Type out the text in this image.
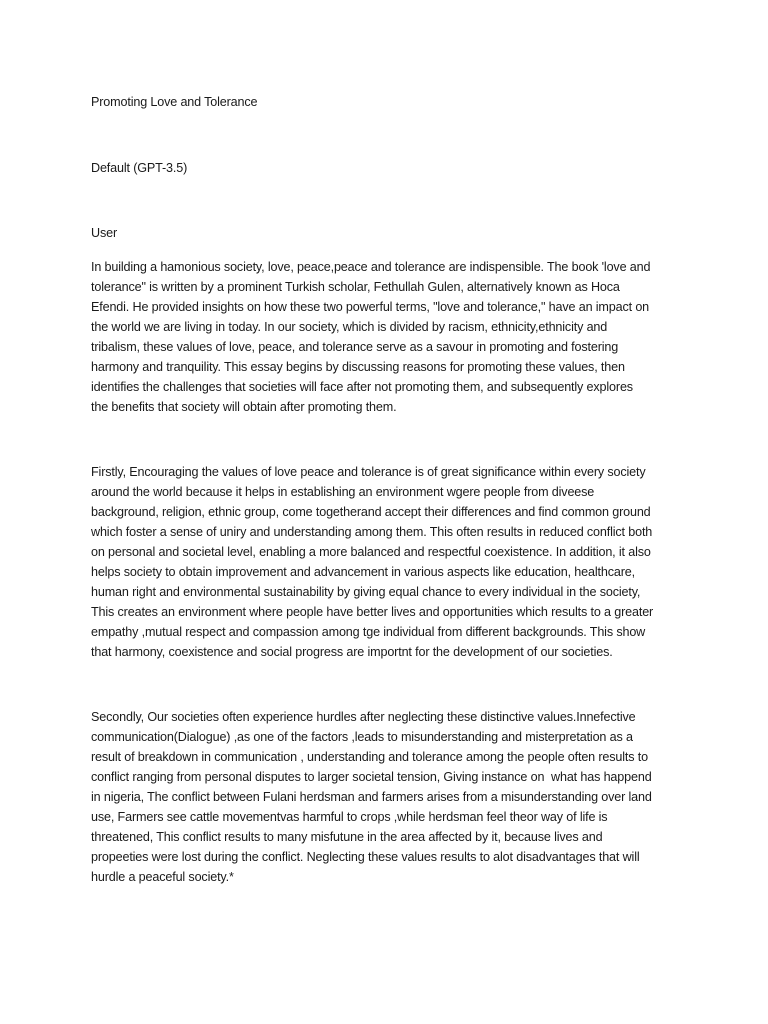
Promoting Love and Tolerance

Default (GPT-3.5)

User

In building a hamonious society, love, peace,peace and tolerance are indispensible. The book 'love and
tolerance" is written by a prominent Turkish scholar, Fethullah Gulen, alternatively known as Hoca
Efendi. He provided insights on how these two powerful terms, "love and tolerance," have an impact on
the world we are living in today. In our society, which is divided by racism, ethnicity,ethnicity and
tribalism, these values of love, peace, and tolerance serve as a savour in promoting and fostering
harmony and tranquility. This essay begins by discussing reasons for promoting these values, then
identifies the challenges that societies will face after not promoting them, and subsequently explores
the benefits that society will obtain after promoting them.
Firstly, Encouraging the values of love peace and tolerance is of great significance within every society
around the world because it helps in establishing an environment wgere people from diveese
background, religion, ethnic group, come togetherand accept their differences and find common ground
which foster a sense of uniry and understanding among them. This often results in reduced conflict both
on personal and societal level, enabling a more balanced and respectful coexistence. In addition, it also
helps society to obtain improvement and advancement in various aspects like education, healthcare,
human right and environmental sustainability by giving equal chance to every individual in the society,
This creates an environment where people have better lives and opportunities which results to a greater
empathy ,mutual respect and compassion among tge individual from different backgrounds. This show
that harmony, coexistence and social progress are importnt for the development of our societies.
Secondly, Our societies often experience hurdles after neglecting these distinctive values.Innefective
communication(Dialogue) ,as one of the factors ,leads to misunderstanding and misterpretation as a
result of breakdown in communication , understanding and tolerance among the people often results to
conflict ranging from personal disputes to larger societal tension, Giving instance on  what has happend
in nigeria, The conflict between Fulani herdsman and farmers arises from a misunderstanding over land
use, Farmers see cattle movementvas harmful to crops ,while herdsman feel theor way of life is
threatened, This conflict results to many misfutune in the area affected by it, because lives and
propeeties were lost during the conflict. Neglecting these values results to alot disadvantages that will
hurdle a peaceful society.*
